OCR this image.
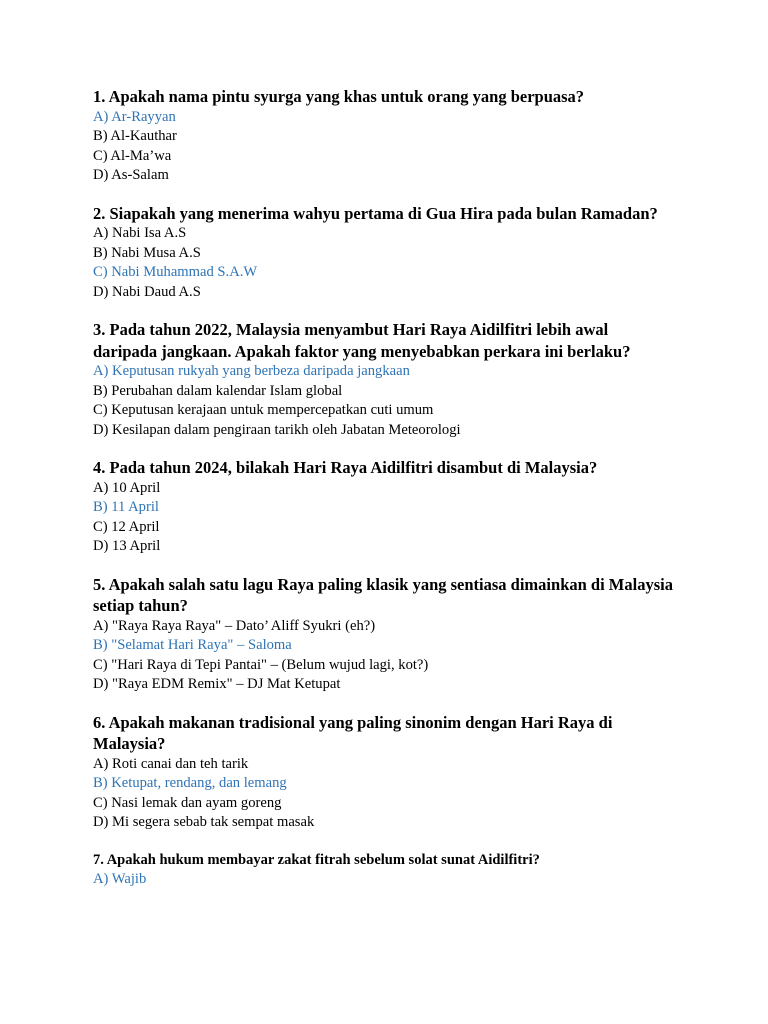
1. Apakah nama pintu syurga yang khas untuk orang yang berpuasa?

A) Ar-Rayyan
B) Al-Kauthar
C) Al-Ma’wa
D) As-Salam

2. Siapakah yang menerima wahyu pertama di Gua Hira pada bulan Ramadan?

A) Nabi Isa A.S
B) Nabi Musa A.S
C) Nabi Muhammad S.A.W
D) Nabi Daud A.S

3. Pada tahun 2022, Malaysia menyambut Hari Raya Aidilfitri lebih awal daripada jangkaan. Apakah faktor yang menyebabkan perkara ini berlaku?

A) Keputusan rukyah yang berbeza daripada jangkaan
B) Perubahan dalam kalendar Islam global
C) Keputusan kerajaan untuk mempercepatkan cuti umum
D) Kesilapan dalam pengiraan tarikh oleh Jabatan Meteorologi

4. Pada tahun 2024, bilakah Hari Raya Aidilfitri disambut di Malaysia?

A) 10 April
B) 11 April
C) 12 April
D) 13 April

5. Apakah salah satu lagu Raya paling klasik yang sentiasa dimainkan di Malaysia setiap tahun?

A) "Raya Raya Raya" – Dato’ Aliff Syukri (eh?)
B) "Selamat Hari Raya" – Saloma
C) "Hari Raya di Tepi Pantai" – (Belum wujud lagi, kot?)
D) "Raya EDM Remix" – DJ Mat Ketupat

6. Apakah makanan tradisional yang paling sinonim dengan Hari Raya di Malaysia?

A) Roti canai dan teh tarik
B) Ketupat, rendang, dan lemang
C) Nasi lemak dan ayam goreng
D) Mi segera sebab tak sempat masak

7. Apakah hukum membayar zakat fitrah sebelum solat sunat Aidilfitri?

A) Wajib
